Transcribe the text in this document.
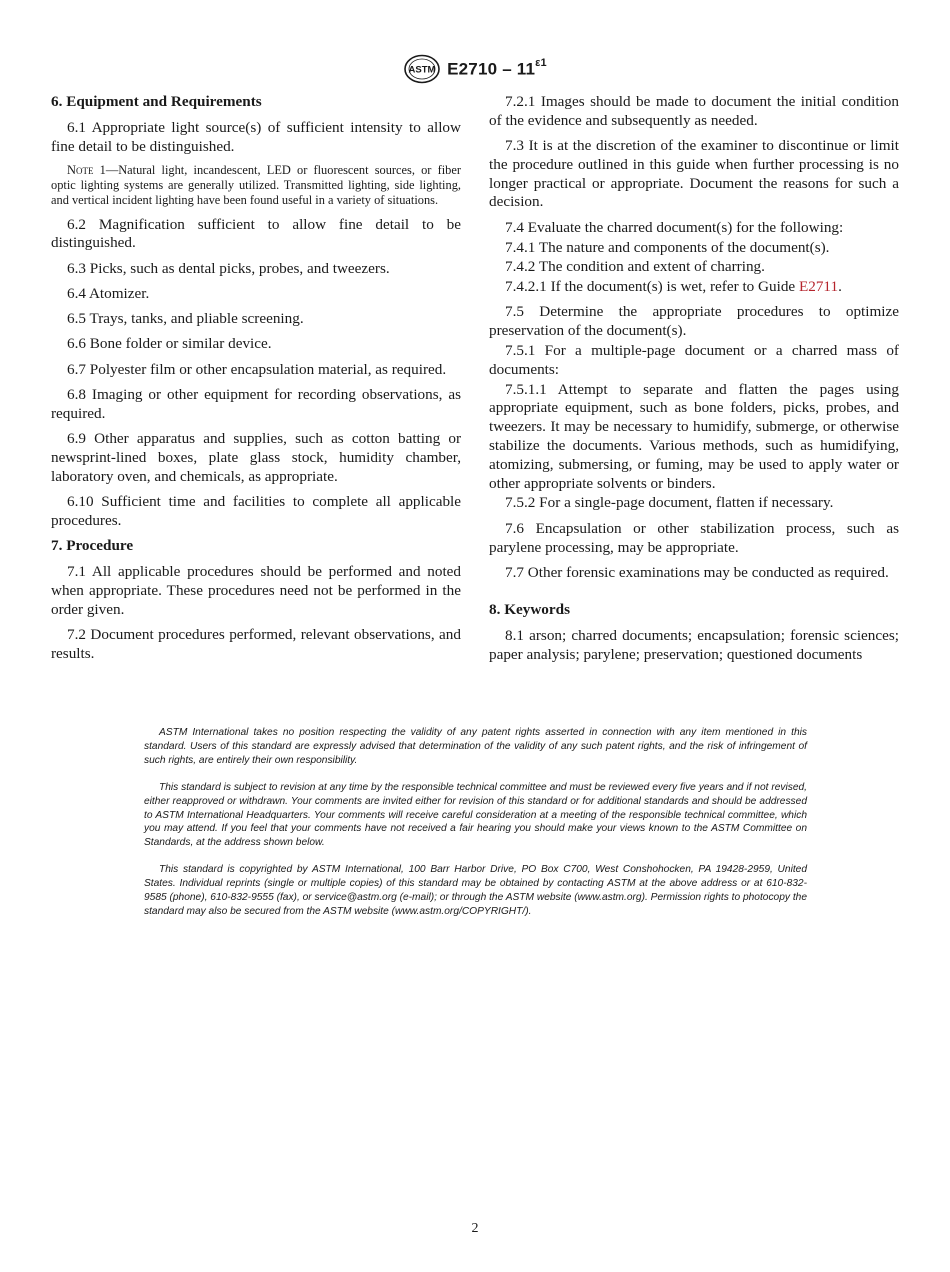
ASTM $E2710 - 11^{\varepsilon 1}$
6. Equipment and Requirements
6.1 Appropriate light source(s) of sufficient intensity to allow fine detail to be distinguished.
Note 1—Natural light, incandescent, LED or fluorescent sources, or fiber optic lighting systems are generally utilized. Transmitted lighting, side lighting, and vertical incident lighting have been found useful in a variety of situations.
6.2 Magnification sufficient to allow fine detail to be distinguished.
6.3 Picks, such as dental picks, probes, and tweezers.
6.4 Atomizer.
6.5 Trays, tanks, and pliable screening.
6.6 Bone folder or similar device.
6.7 Polyester film or other encapsulation material, as required.
6.8 Imaging or other equipment for recording observations, as required.
6.9 Other apparatus and supplies, such as cotton batting or newsprint-lined boxes, plate glass stock, humidity chamber, laboratory oven, and chemicals, as appropriate.
6.10 Sufficient time and facilities to complete all applicable procedures.
7. Procedure
7.1 All applicable procedures should be performed and noted when appropriate. These procedures need not be performed in the order given.
7.2 Document procedures performed, relevant observations, and results.
7.2.1 Images should be made to document the initial condition of the evidence and subsequently as needed.
7.3 It is at the discretion of the examiner to discontinue or limit the procedure outlined in this guide when further processing is no longer practical or appropriate. Document the reasons for such a decision.
7.4 Evaluate the charred document(s) for the following:
7.4.1 The nature and components of the document(s).
7.4.2 The condition and extent of charring.
7.4.2.1 If the document(s) is wet, refer to Guide E2711.
7.5 Determine the appropriate procedures to optimize preservation of the document(s).
7.5.1 For a multiple-page document or a charred mass of documents:
7.5.1.1 Attempt to separate and flatten the pages using appropriate equipment, such as bone folders, picks, probes, and tweezers. It may be necessary to humidify, submerge, or otherwise stabilize the documents. Various methods, such as humidifying, atomizing, submersing, or fuming, may be used to apply water or other appropriate solvents or binders.
7.5.2 For a single-page document, flatten if necessary.
7.6 Encapsulation or other stabilization process, such as parylene processing, may be appropriate.
7.7 Other forensic examinations may be conducted as required.
8. Keywords
8.1 arson; charred documents; encapsulation; forensic sciences; paper analysis; parylene; preservation; questioned documents
ASTM International takes no position respecting the validity of any patent rights asserted in connection with any item mentioned in this standard. Users of this standard are expressly advised that determination of the validity of any such patent rights, and the risk of infringement of such rights, are entirely their own responsibility.
This standard is subject to revision at any time by the responsible technical committee and must be reviewed every five years and if not revised, either reapproved or withdrawn. Your comments are invited either for revision of this standard or for additional standards and should be addressed to ASTM International Headquarters. Your comments will receive careful consideration at a meeting of the responsible technical committee, which you may attend. If you feel that your comments have not received a fair hearing you should make your views known to the ASTM Committee on Standards, at the address shown below.
This standard is copyrighted by ASTM International, 100 Barr Harbor Drive, PO Box C700, West Conshohocken, PA 19428-2959, United States. Individual reprints (single or multiple copies) of this standard may be obtained by contacting ASTM at the above address or at 610-832-9585 (phone), 610-832-9555 (fax), or service@astm.org (e-mail); or through the ASTM website (www.astm.org). Permission rights to photocopy the standard may also be secured from the ASTM website (www.astm.org/COPYRIGHT/).
2
